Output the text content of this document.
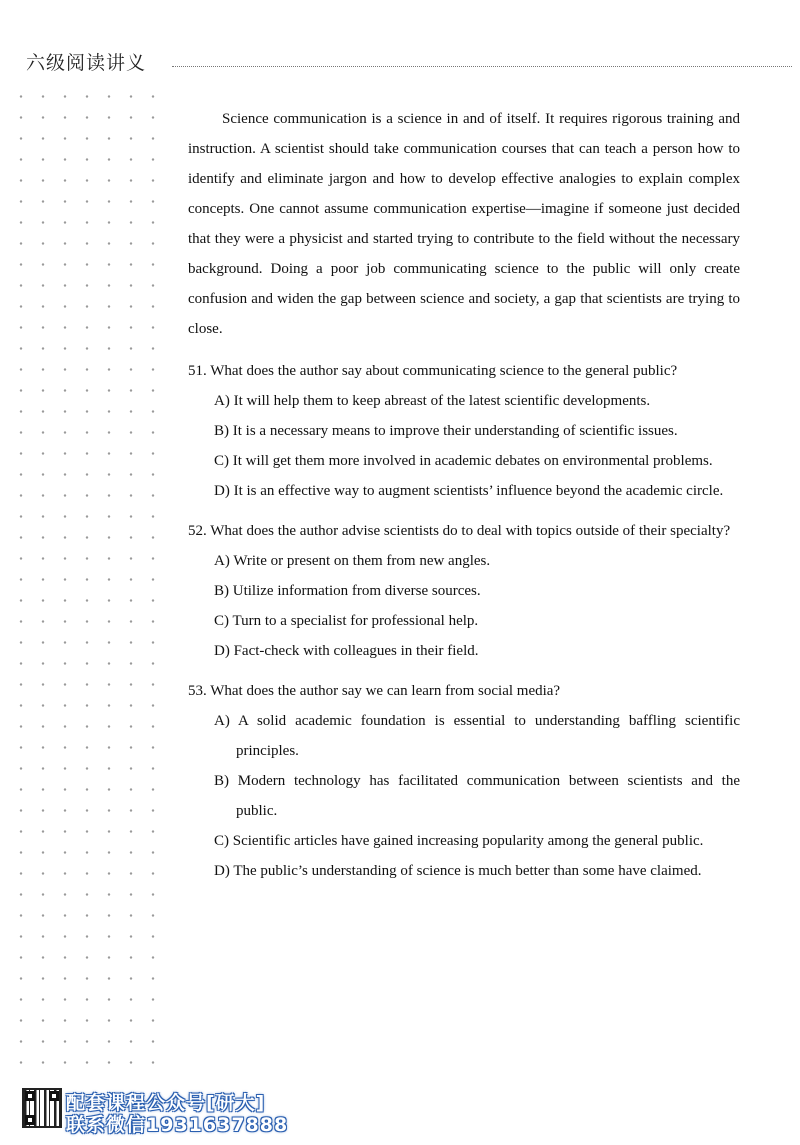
六级阅读讲义

Science communication is a science in and of itself. It requires rigorous training and instruction. A scientist should take communication courses that can teach a person how to identify and eliminate jargon and how to develop effective analogies to explain complex concepts. One cannot assume communication expertise—imagine if someone just decided that they were a physicist and started trying to contribute to the field without the necessary background. Doing a poor job communicating science to the public will only create confusion and widen the gap between science and society, a gap that scientists are trying to close.

51. What does the author say about communicating science to the general public?
A) It will help them to keep abreast of the latest scientific developments.
B) It is a necessary means to improve their understanding of scientific issues.
C) It will get them more involved in academic debates on environmental problems.
D) It is an effective way to augment scientists’ influence beyond the academic circle.
52. What does the author advise scientists do to deal with topics outside of their specialty?
A) Write or present on them from new angles.
B) Utilize information from diverse sources.
C) Turn to a specialist for professional help.
D) Fact-check with colleagues in their field.
53. What does the author say we can learn from social media?
A) A solid academic foundation is essential to understanding baffling scientific principles.
B) Modern technology has facilitated communication between scientists and the public.
C) Scientific articles have gained increasing popularity among the general public.
D) The public’s understanding of science is much better than some have claimed.
配套课程公众号[研大]
联系微信1931637888
